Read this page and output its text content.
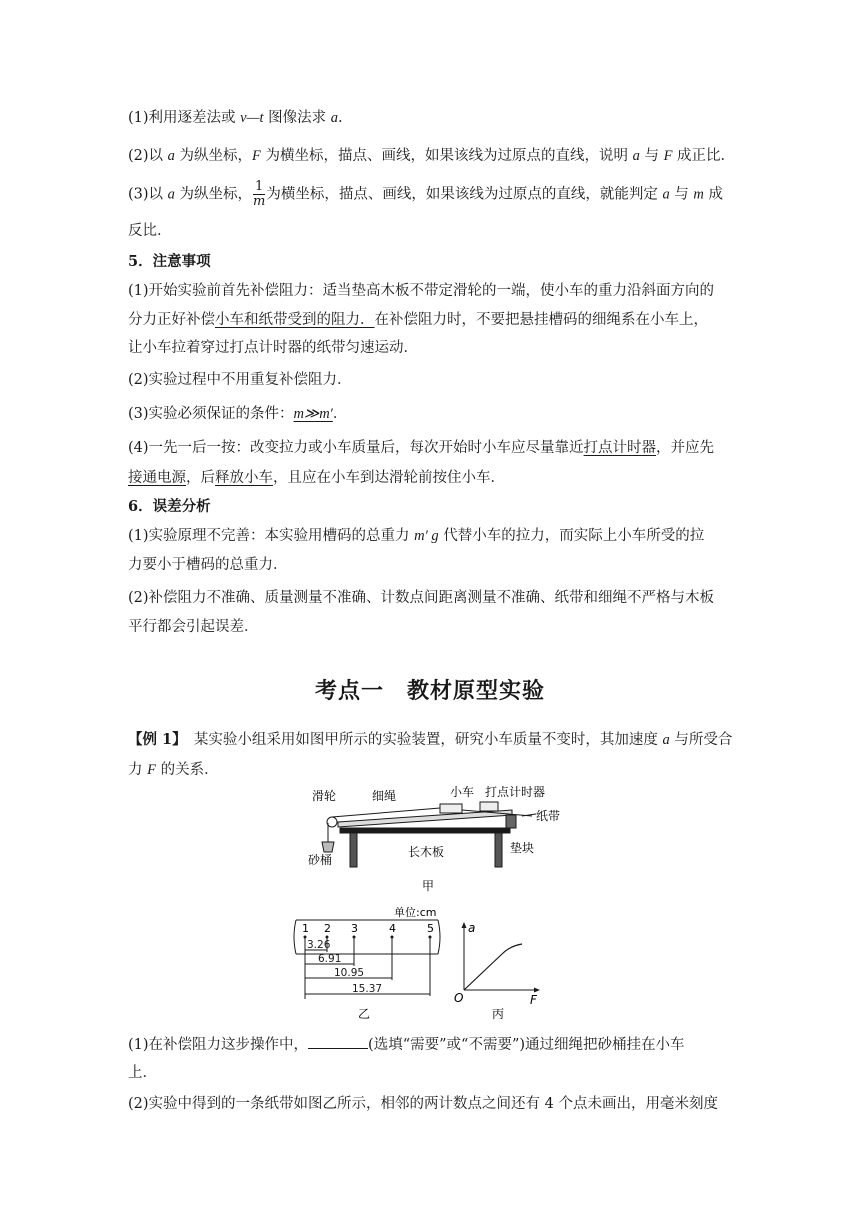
(1)利用逐差法或 v—t 图像法求 a.
(2)以 a 为纵坐标，F 为横坐标，描点、画线，如果该线为过原点的直线，说明 a 与 F 成正比．
(3)以 a 为纵坐标， $\frac{1}{m}$ 为横坐标，描点、画线，如果该线为过原点的直线，就能判定 a 与 m 成
反比．
5．注意事项
(1)开始实验前首先补偿阻力：适当垫高木板不带定滑轮的一端，使小车的重力沿斜面方向的
分力正好补偿小车和纸带受到的阻力．在补偿阻力时，不要把悬挂槽码的细绳系在小车上，
让小车拉着穿过打点计时器的纸带匀速运动．
(2)实验过程中不用重复补偿阻力．
(3)实验必须保证的条件：m≫m′．
(4)一先一后一按：改变拉力或小车质量后，每次开始时小车应尽量靠近打点计时器，并应先
接通电源，后释放小车，且应在小车到达滑轮前按住小车．
6．误差分析
(1)实验原理不完善：本实验用槽码的总重力 m′ g 代替小车的拉力，而实际上小车所受的拉
力要小于槽码的总重力．
(2)补偿阻力不准确、质量测量不准确、计数点间距离测量不准确、纸带和细绳不严格与木板
平行都会引起误差．
考点一　教材原型实验
【例 1】　某实验小组采用如图甲所示的实验装置，研究小车质量不变时，其加速度 a 与所受合
力 F 的关系．
滑轮	细绳	小车 打点计时器
纸带
垫块
长木板
砂桶
甲
单位:cm
1 2 3	4	5
3.26
6.91
10.95
15.37
乙
a
F
O
丙
(1)在补偿阻力这步操作中，	(选填“需要”或“不需要”)通过细绳把砂桶挂在小车
上．
(2)实验中得到的一条纸带如图乙所示，相邻的两计数点之间还有 4 个点未画出，用毫米刻度
